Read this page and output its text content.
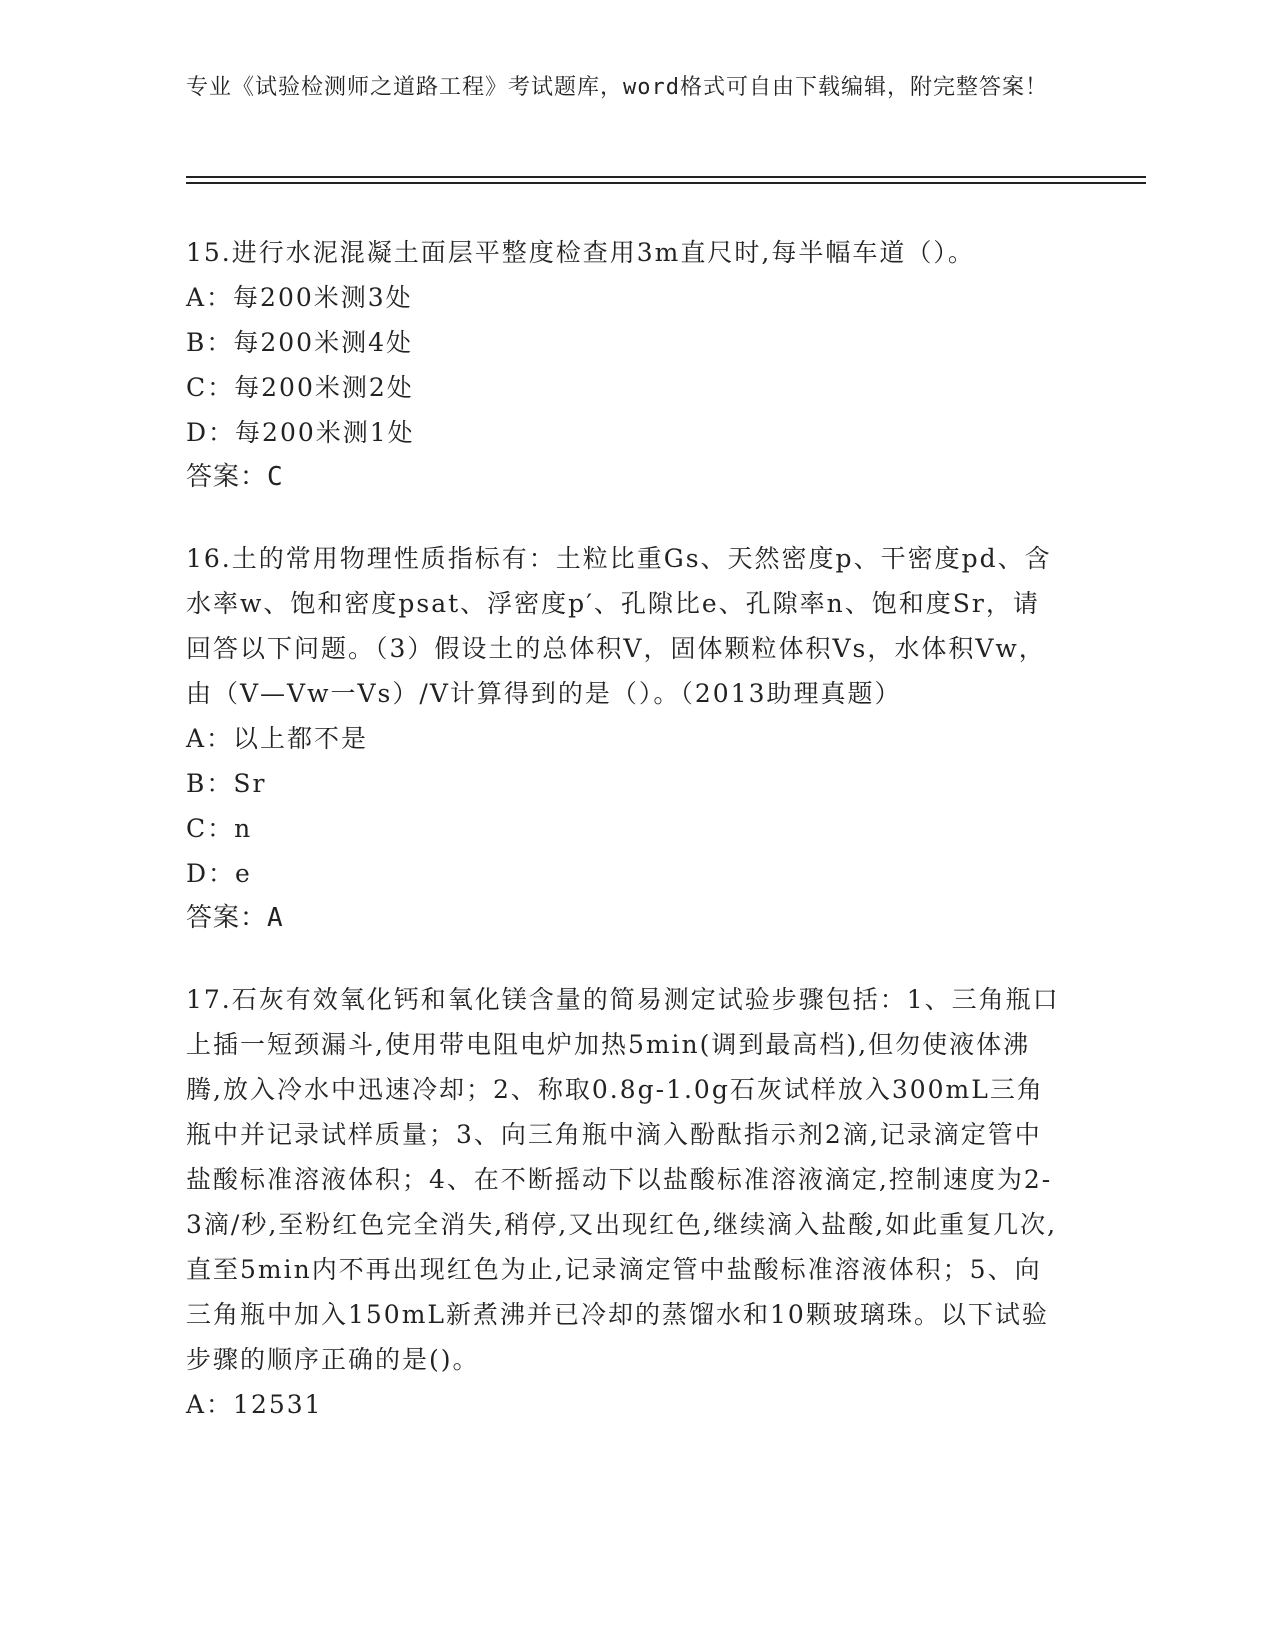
专业《试验检测师之道路工程》考试题库，word格式可自由下载编辑，附完整答案！

15.进行水泥混凝土面层平整度检查用3m直尺时,每半幅车道（）。

A：每200米测3处

B：每200米测4处

C：每200米测2处

D：每200米测1处

答案：C

16.土的常用物理性质指标有：土粒比重Gs、天然密度p、干密度pd、含水率w、饱和密度psat、浮密度p′、孔隙比e、孔隙率n、饱和度Sr，请回答以下问题。（3）假设土的总体积V，固体颗粒体积Vs，水体积Vw，由（V—Vw一Vs）/V计算得到的是（）。（2013助理真题）

A：以上都不是

B：Sr

C：n

D：e

答案：A

17.石灰有效氧化钙和氧化镁含量的简易测定试验步骤包括：1、三角瓶口上插一短颈漏斗,使用带电阻电炉加热5min(调到最高档),但勿使液体沸腾,放入冷水中迅速冷却；2、称取0.8g-1.0g石灰试样放入300mL三角瓶中并记录试样质量；3、向三角瓶中滴入酚酞指示剂2滴,记录滴定管中盐酸标准溶液体积；4、在不断摇动下以盐酸标准溶液滴定,控制速度为2-3滴/秒,至粉红色完全消失,稍停,又出现红色,继续滴入盐酸,如此重复几次,直至5min内不再出现红色为止,记录滴定管中盐酸标准溶液体积；5、向三角瓶中加入150mL新煮沸并已冷却的蒸馏水和10颗玻璃珠。以下试验步骤的顺序正确的是()。

A：12531
